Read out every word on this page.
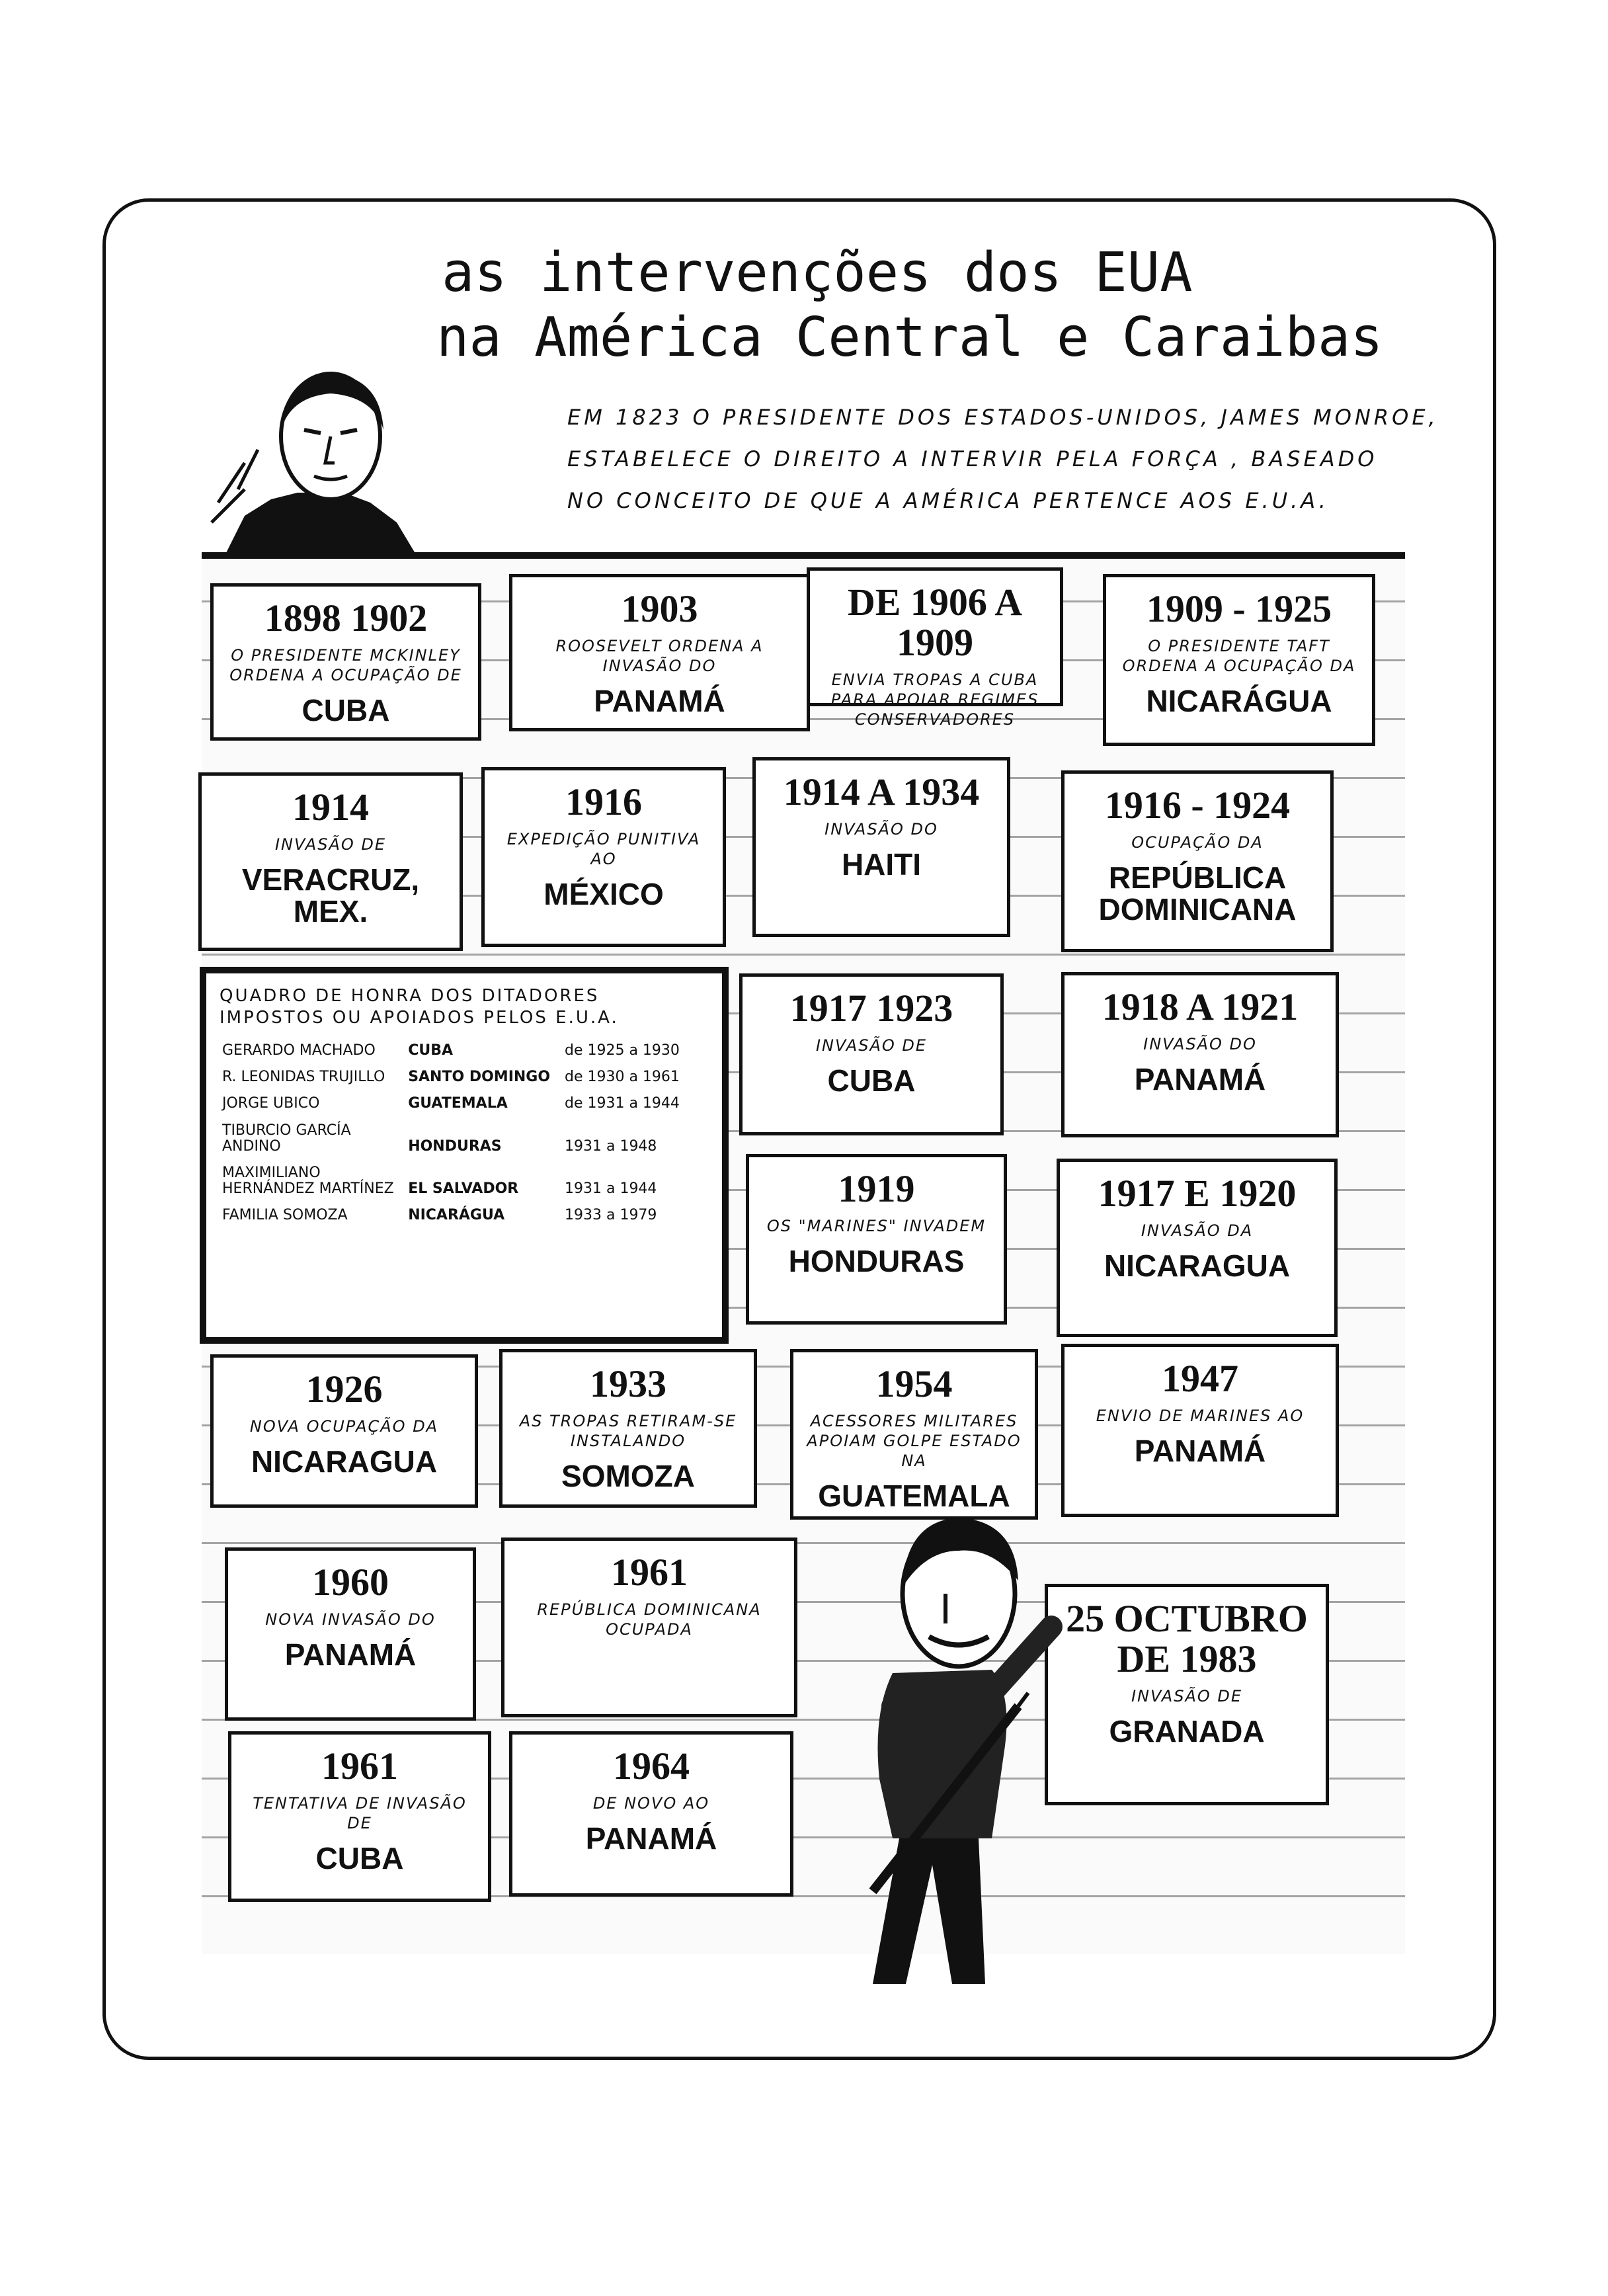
as intervenções dos EUA
na América Central e Caraibas
EM 1823 O PRESIDENTE DOS ESTADOS-UNIDOS, JAMES MONROE,
ESTABELECE O DIREITO A INTERVIR PELA FORÇA , BASEADO
NO CONCEITO DE QUE A AMÉRICA PERTENCE AOS E.U.A.
1898 1902
O PRESIDENTE MCKINLEY ORDENA A OCUPAÇÃO DE
CUBA
1903
ROOSEVELT ORDENA A INVASÃO DO
PANAMÁ
DE 1906 A 1909
ENVIA TROPAS A CUBA PARA APOIAR REGIMES CONSERVADORES
1909 - 1925
O PRESIDENTE TAFT ORDENA A OCUPAÇÃO DA
NICARÁGUA
1914
INVASÃO DE
VERACRUZ, MEX.
1916
EXPEDIÇÃO PUNITIVA AO
MÉXICO
1914 A 1934
INVASÃO DO
HAITI
1916 - 1924
OCUPAÇÃO DA
REPÚBLICA DOMINICANA
QUADRO DE HONRA DOS DITADORES IMPOSTOS OU APOIADOS PELOS E.U.A.
GERARDO MACHADO	CUBA	de 1925 a 1930
R. LEONIDAS TRUJILLO	SANTO DOMINGO	de 1930 a 1961
JORGE UBICO	GUATEMALA	de 1931 a 1944
TIBURCIO GARCÍA ANDINO	HONDURAS	1931 a 1948
MAXIMILIANO HERNÁNDEZ MARTÍNEZ	EL SALVADOR	1931 a 1944
FAMILIA SOMOZA	NICARÁGUA	1933 a 1979
1917 1923
INVASÃO DE
CUBA
1918 A 1921
INVASÃO DO
PANAMÁ
1919
OS "MARINES" INVADEM
HONDURAS
1917 E 1920
INVASÃO DA
NICARAGUA
1926
NOVA OCUPAÇÃO DA
NICARAGUA
1933
AS TROPAS RETIRAM-SE INSTALANDO
SOMOZA
1954
ACESSORES MILITARES APOIAM GOLPE ESTADO NA
GUATEMALA
1947
ENVIO DE MARINES AO
PANAMÁ
1960
NOVA INVASÃO DO
PANAMÁ
1961
REPÚBLICA DOMINICANA OCUPADA	25 OCTUBRO DE 1983
INVASÃO DE
GRANADA
1961
TENTATIVA DE INVASÃO DE
CUBA
1964
DE NOVO AO
PANAMÁ
